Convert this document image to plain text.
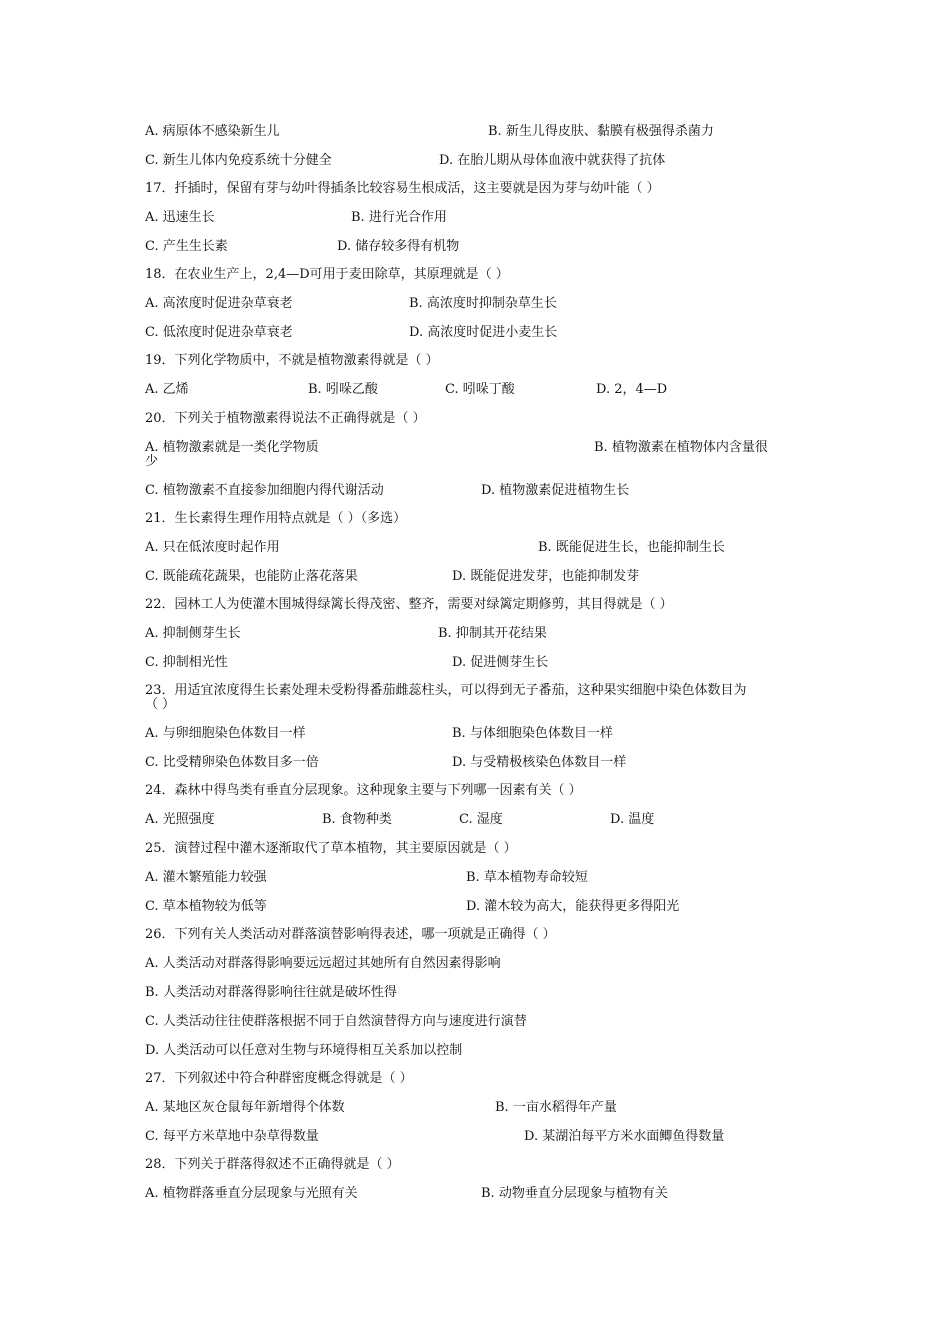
A. 病原体不感染新生儿	B. 新生儿得皮肤、黏膜有极强得杀菌力
C. 新生儿体内免疫系统十分健全	D. 在胎儿期从母体血液中就获得了抗体
17．扦插时，保留有芽与幼叶得插条比较容易生根成活，这主要就是因为芽与幼叶能（ ）
A. 迅速生长	B. 进行光合作用
C. 产生生长素	D. 储存较多得有机物
18．在农业生产上，2,4—D可用于麦田除草，其原理就是（ ）
A. 高浓度时促进杂草衰老	B. 高浓度时抑制杂草生长
C. 低浓度时促进杂草衰老	D. 高浓度时促进小麦生长
19．下列化学物质中，不就是植物激素得就是（ ）
A. 乙烯	B. 吲哚乙酸	C. 吲哚丁酸	D. 2，4—D
20．下列关于植物激素得说法不正确得就是（ ）
A. 植物激素就是一类化学物质	B. 植物激素在植物体内含量很
少
C. 植物激素不直接参加细胞内得代谢活动	D. 植物激素促进植物生长
21．生长素得生理作用特点就是（ ）（多选）
A. 只在低浓度时起作用	B. 既能促进生长，也能抑制生长
C. 既能疏花蔬果，也能防止落花落果	D. 既能促进发芽，也能抑制发芽
22．园林工人为使灌木围城得绿篱长得茂密、整齐，需要对绿篱定期修剪，其目得就是（ ）
A. 抑制侧芽生长	B. 抑制其开花结果
C. 抑制相光性	D. 促进侧芽生长
23．用适宜浓度得生长素处理未受粉得番茄雌蕊柱头，可以得到无子番茄，这种果实细胞中染色体数目为
（ ）
A. 与卵细胞染色体数目一样	B. 与体细胞染色体数目一样
C. 比受精卵染色体数目多一倍	D. 与受精极核染色体数目一样
24．森林中得鸟类有垂直分层现象。这种现象主要与下列哪一因素有关（ ）
A. 光照强度	B. 食物种类	C. 湿度	D. 温度
25．演替过程中灌木逐渐取代了草本植物，其主要原因就是（ ）
A. 灌木繁殖能力较强	B. 草本植物寿命较短
C. 草本植物较为低等	D. 灌木较为高大，能获得更多得阳光
26．下列有关人类活动对群落演替影响得表述，哪一项就是正确得（ ）
A. 人类活动对群落得影响要远远超过其她所有自然因素得影响
B. 人类活动对群落得影响往往就是破坏性得
C. 人类活动往往使群落根据不同于自然演替得方向与速度进行演替
D. 人类活动可以任意对生物与环境得相互关系加以控制
27．下列叙述中符合种群密度概念得就是（ ）
A. 某地区灰仓鼠每年新增得个体数	B. 一亩水稻得年产量
C. 每平方米草地中杂草得数量	D. 某湖泊每平方米水面鲫鱼得数量
28．下列关于群落得叙述不正确得就是（ ）
A. 植物群落垂直分层现象与光照有关	B. 动物垂直分层现象与植物有关
